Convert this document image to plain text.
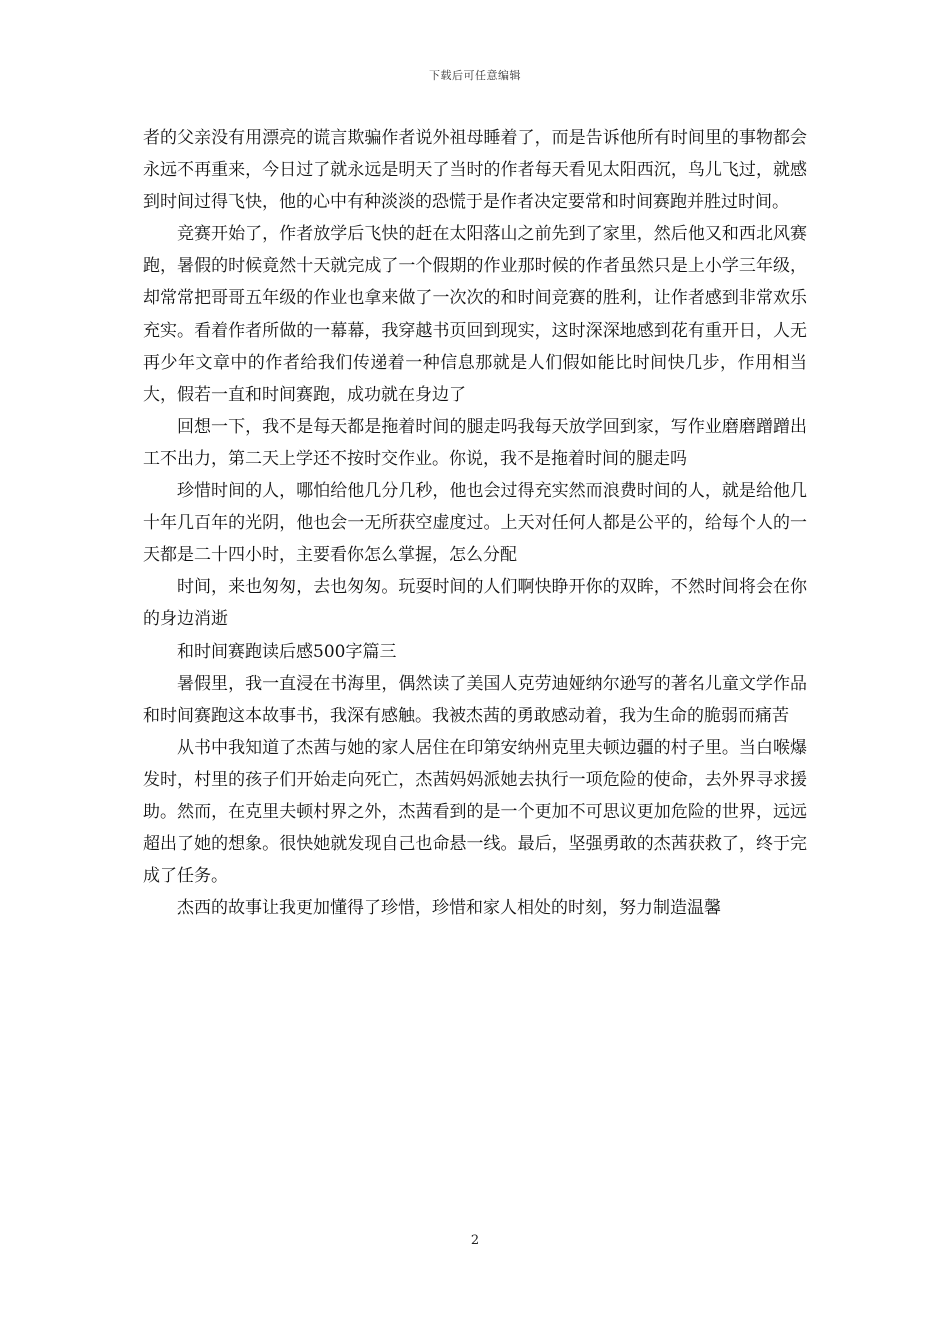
下载后可任意编辑

者的父亲没有用漂亮的谎言欺骗作者说外祖母睡着了，而是告诉他所有时间里的事物都会永远不再重来，今日过了就永远是明天了当时的作者每天看见太阳西沉，鸟儿飞过，就感到时间过得飞快，他的心中有种淡淡的恐慌于是作者决定要常和时间赛跑并胜过时间。

竞赛开始了，作者放学后飞快的赶在太阳落山之前先到了家里，然后他又和西北风赛跑，暑假的时候竟然十天就完成了一个假期的作业那时候的作者虽然只是上小学三年级，却常常把哥哥五年级的作业也拿来做了一次次的和时间竞赛的胜利，让作者感到非常欢乐充实。看着作者所做的一幕幕，我穿越书页回到现实，这时深深地感到花有重开日，人无再少年文章中的作者给我们传递着一种信息那就是人们假如能比时间快几步，作用相当大，假若一直和时间赛跑，成功就在身边了

回想一下，我不是每天都是拖着时间的腿走吗我每天放学回到家，写作业磨磨蹭蹭出工不出力，第二天上学还不按时交作业。你说，我不是拖着时间的腿走吗

珍惜时间的人，哪怕给他几分几秒，他也会过得充实然而浪费时间的人，就是给他几十年几百年的光阴，他也会一无所获空虚度过。上天对任何人都是公平的，给每个人的一天都是二十四小时，主要看你怎么掌握，怎么分配

时间，来也匆匆，去也匆匆。玩耍时间的人们啊快睁开你的双眸，不然时间将会在你的身边消逝

和时间赛跑读后感500字篇三

暑假里，我一直浸在书海里，偶然读了美国人克劳迪娅纳尔逊写的著名儿童文学作品和时间赛跑这本故事书，我深有感触。我被杰茜的勇敢感动着，我为生命的脆弱而痛苦

从书中我知道了杰茜与她的家人居住在印第安纳州克里夫顿边疆的村子里。当白喉爆发时，村里的孩子们开始走向死亡，杰茜妈妈派她去执行一项危险的使命，去外界寻求援助。然而，在克里夫顿村界之外，杰茜看到的是一个更加不可思议更加危险的世界，远远超出了她的想象。很快她就发现自己也命悬一线。最后，坚强勇敢的杰茜获救了，终于完成了任务。

杰西的故事让我更加懂得了珍惜，珍惜和家人相处的时刻，努力制造温馨

2
